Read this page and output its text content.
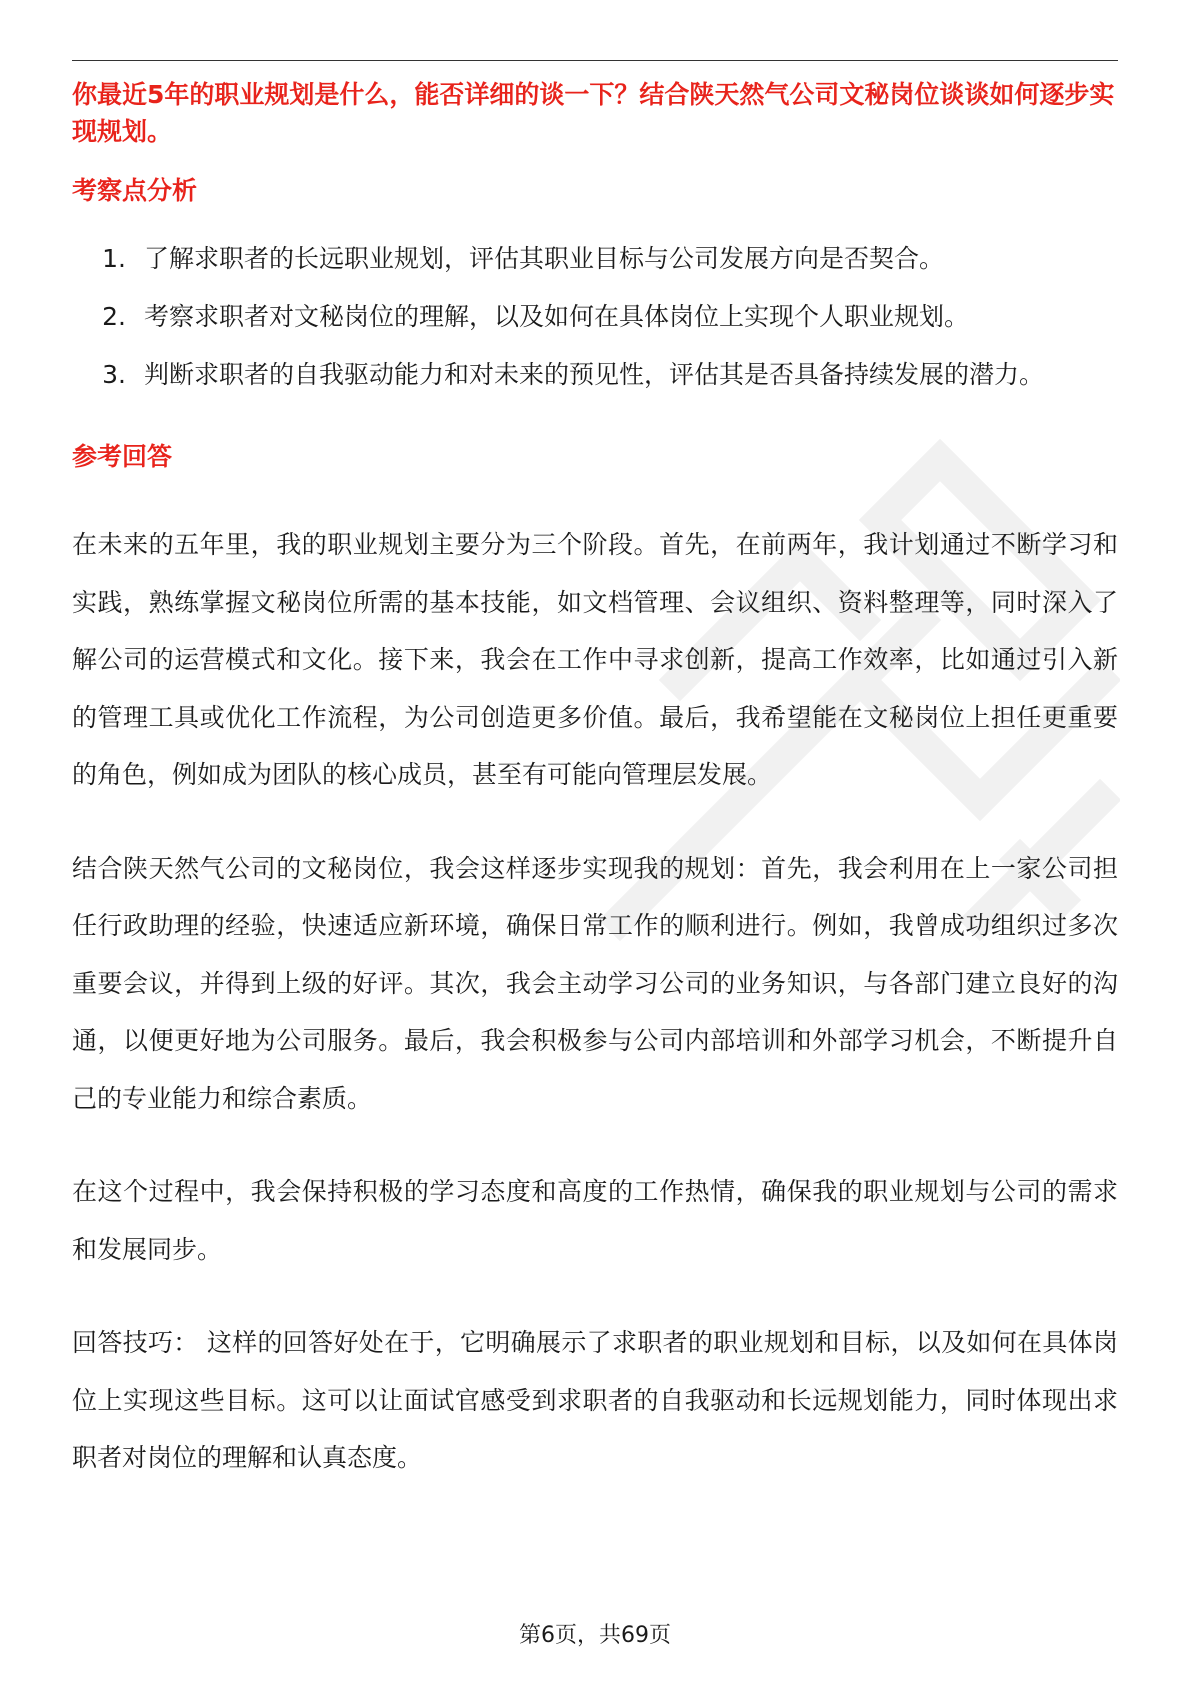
你最近5年的职业规划是什么，能否详细的谈一下？结合陕天然气公司文秘岗位谈谈如何逐步实现规划。

考察点分析
1. 了解求职者的长远职业规划，评估其职业目标与公司发展方向是否契合。
2. 考察求职者对文秘岗位的理解，以及如何在具体岗位上实现个人职业规划。
3. 判断求职者的自我驱动能力和对未来的预见性，评估其是否具备持续发展的潜力。
参考回答

在未来的五年里，我的职业规划主要分为三个阶段。首先，在前两年，我计划通过不断学习和实践，熟练掌握文秘岗位所需的基本技能，如文档管理、会议组织、资料整理等，同时深入了解公司的运营模式和文化。接下来，我会在工作中寻求创新，提高工作效率，比如通过引入新的管理工具或优化工作流程，为公司创造更多价值。最后，我希望能在文秘岗位上担任更重要的角色，例如成为团队的核心成员，甚至有可能向管理层发展。

结合陕天然气公司的文秘岗位，我会这样逐步实现我的规划：首先，我会利用在上一家公司担任行政助理的经验，快速适应新环境，确保日常工作的顺利进行。例如，我曾成功组织过多次重要会议，并得到上级的好评。其次，我会主动学习公司的业务知识，与各部门建立良好的沟通，以便更好地为公司服务。最后，我会积极参与公司内部培训和外部学习机会，不断提升自己的专业能力和综合素质。

在这个过程中，我会保持积极的学习态度和高度的工作热情，确保我的职业规划与公司的需求和发展同步。

回答技巧： 这样的回答好处在于，它明确展示了求职者的职业规划和目标，以及如何在具体岗位上实现这些目标。这可以让面试官感受到求职者的自我驱动和长远规划能力，同时体现出求职者对岗位的理解和认真态度。

第6页，共69页
